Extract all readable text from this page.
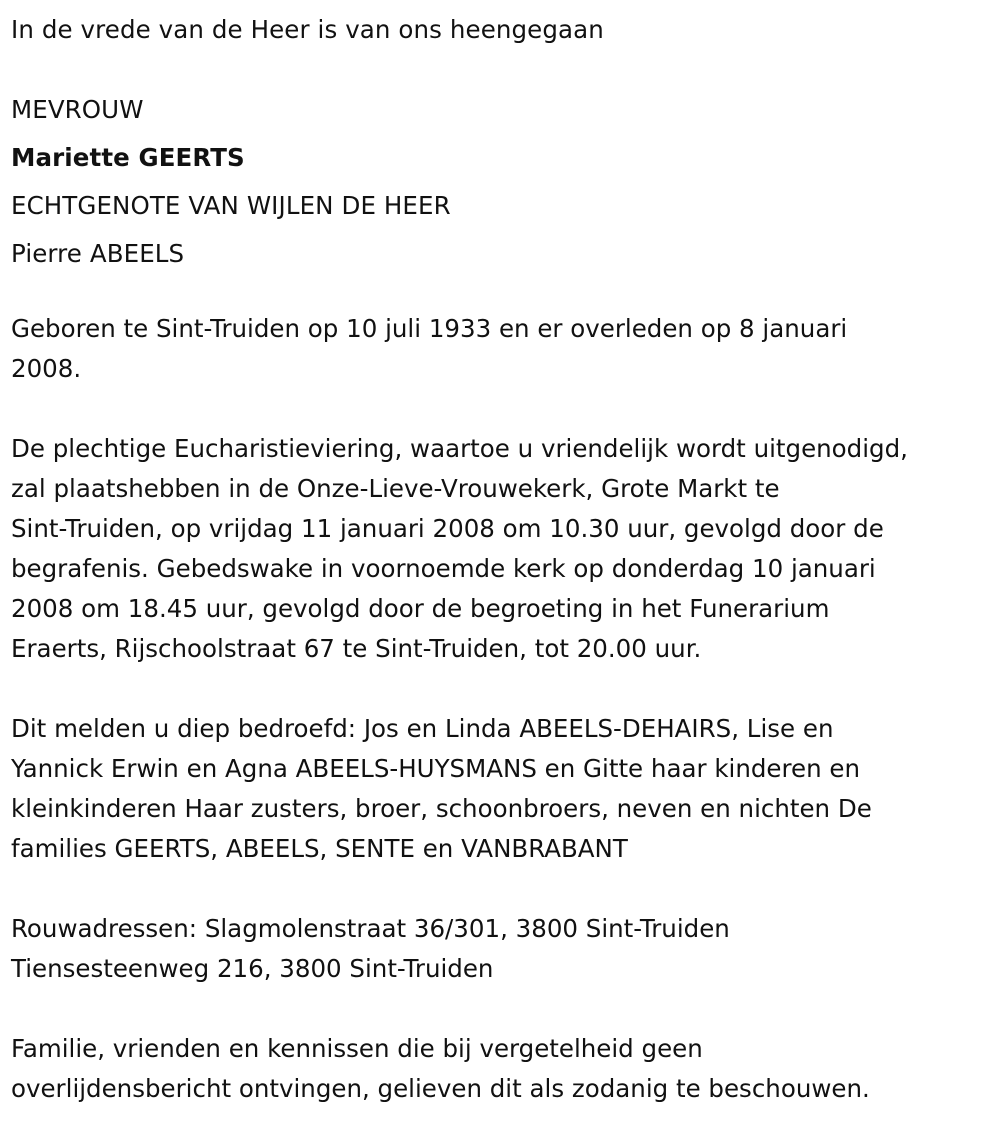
In de vrede van de Heer is van ons heengegaan
MEVROUW
Mariette GEERTS
ECHTGENOTE VAN WIJLEN DE HEER
Pierre ABEELS

Geboren te Sint-Truiden op 10 juli 1933 en er overleden op 8 januari

2008.

De plechtige Eucharistieviering, waartoe u vriendelijk wordt uitgenodigd,

zal plaatshebben in de Onze-Lieve-Vrouwekerk, Grote Markt te

Sint-Truiden, op vrijdag 11 januari 2008 om 10.30 uur, gevolgd door de

begrafenis. Gebedswake in voornoemde kerk op donderdag 10 januari

2008 om 18.45 uur, gevolgd door de begroeting in het Funerarium

Eraerts, Rijschoolstraat 67 te Sint-Truiden, tot 20.00 uur.

Dit melden u diep bedroefd: Jos en Linda ABEELS-DEHAIRS, Lise en

Yannick Erwin en Agna ABEELS-HUYSMANS en Gitte haar kinderen en

kleinkinderen Haar zusters, broer, schoonbroers, neven en nichten De

families GEERTS, ABEELS, SENTE en VANBRABANT

Rouwadressen: Slagmolenstraat 36/301, 3800 Sint-Truiden

Tiensesteenweg 216, 3800 Sint-Truiden

Familie, vrienden en kennissen die bij vergetelheid geen

overlijdensbericht ontvingen, gelieven dit als zodanig te beschouwen.
